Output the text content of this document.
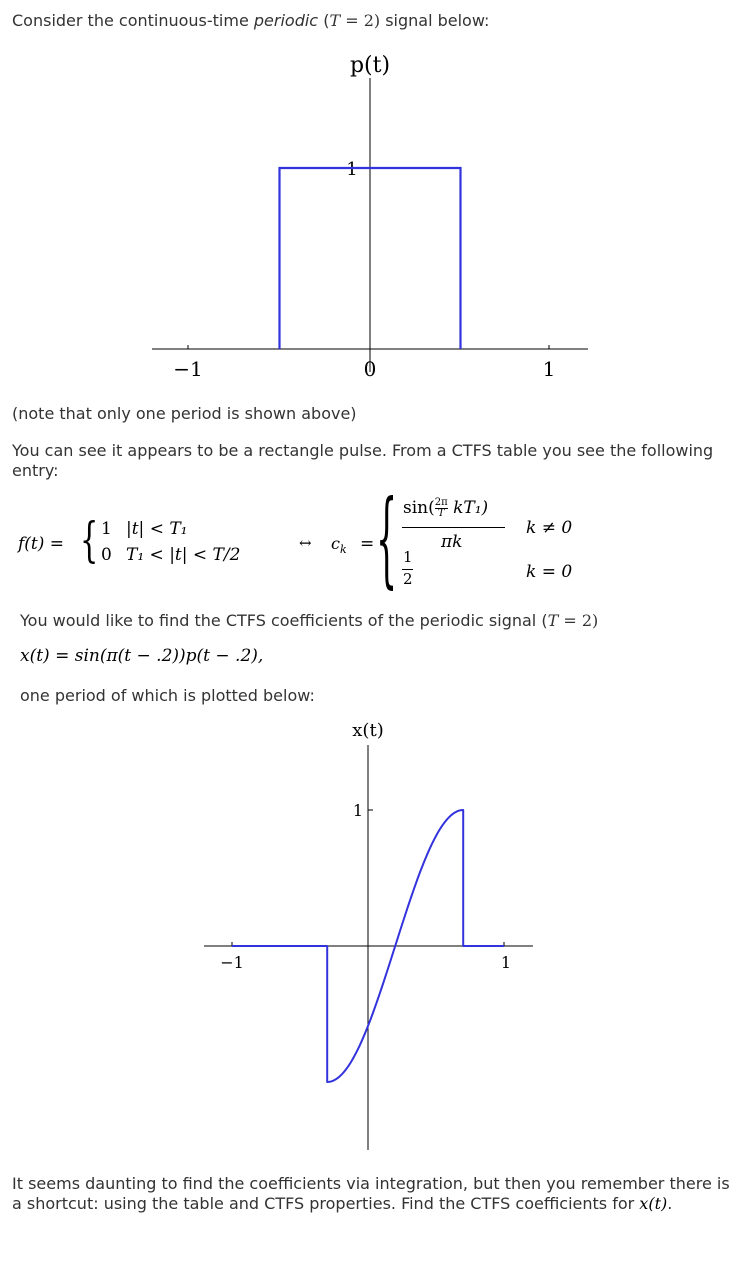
Consider the continuous-time periodic (T = 2) signal below:
p(t)
−1	0	1
1
(note that only one period is shown above)
You can see it appears to be a rectangle pulse. From a CTFS table you see the following entry:
f(t) = { 1 |t| < T₁
0 T₁ < |t| < T/2
↔ $c_k$ = { $\sin( \frac{2\pi}{T} kT_1)$
πk
k ≠ 0
1
2	k = 0
You would like to find the CTFS coefficients of the periodic signal (T = 2)
x(t) = sin(π(t − .2))p(t − .2),
one period of which is plotted below:
x(t)
−1	1
1
It seems daunting to find the coefficients via integration, but then you remember there is a shortcut: using the table and CTFS properties. Find the CTFS coefficients for x(t).
